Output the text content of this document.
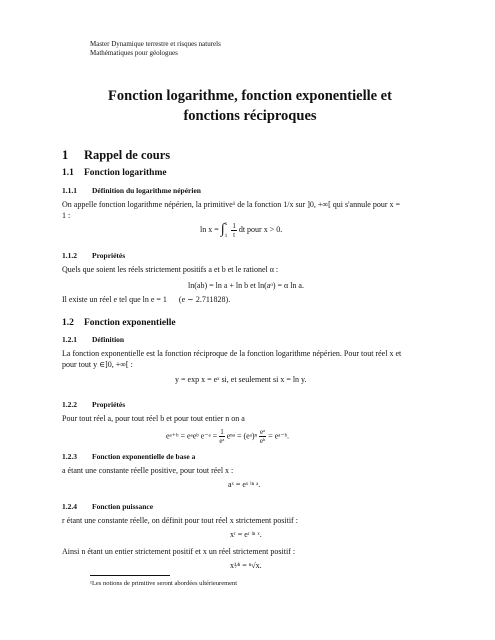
Master Dynamique terrestre et risques naturels
Mathématiques pour géologues
Fonction logarithme, fonction exponentielle et
fonctions réciproques
1 Rappel de cours
1.1 Fonction logarithme
1.1.1 Définition du logarithme népérien
On appelle fonction logarithme népérien, la primitive¹ de la fonction 1/x sur ]0, +∞[ qui s'annule pour x = 1 :
ln x = ∫ x
1
$\frac{1}{t}$ dt pour x > 0.
1.1.2 Propriétés
Quels que soient les réels strictement positifs a et b et le rationel α :
ln(ab) = ln a + ln b et ln(aᵅ) = α ln a.
Il existe un réel e tel que ln e = 1 (e ∼ 2.711828).
1.2 Fonction exponentielle
1.2.1 Définition
La fonction exponentielle est la fonction réciproque de la fonction logarithme népérien. Pour tout réel x et pour tout y ∈]0, +∞[ :
y = exp x = eˣ si, et seulement si x = ln y.
1.2.2 Propriétés
Pour tout réel a, pour tout réel b et pour tout entier n on a
eᵃ⁺ᵇ = eᵃeᵇ e⁻ᵃ = $\frac{1}{\text{eᵃ}}$ eⁿᵃ = (eᵃ)ⁿ $\frac{\text{eᵃ}}{\text{eᵇ}}$ = eᵃ⁻ᵇ.
1.2.3 Fonction exponentielle de base a
a étant une constante réelle positive, pour tout réel x :
aˣ = eˣ ˡⁿ ᵃ.
1.2.4 Fonction puissance
r étant une constante réelle, on définit pour tout réel x strictement positif :
xʳ = eʳ ˡⁿ ˣ.
Ainsi n étant un entier strictement positif et x un réel strictement positif :
x¹⁄ⁿ = ⁿ√x.
¹Les notions de primitive seront abordées ultérieurement
